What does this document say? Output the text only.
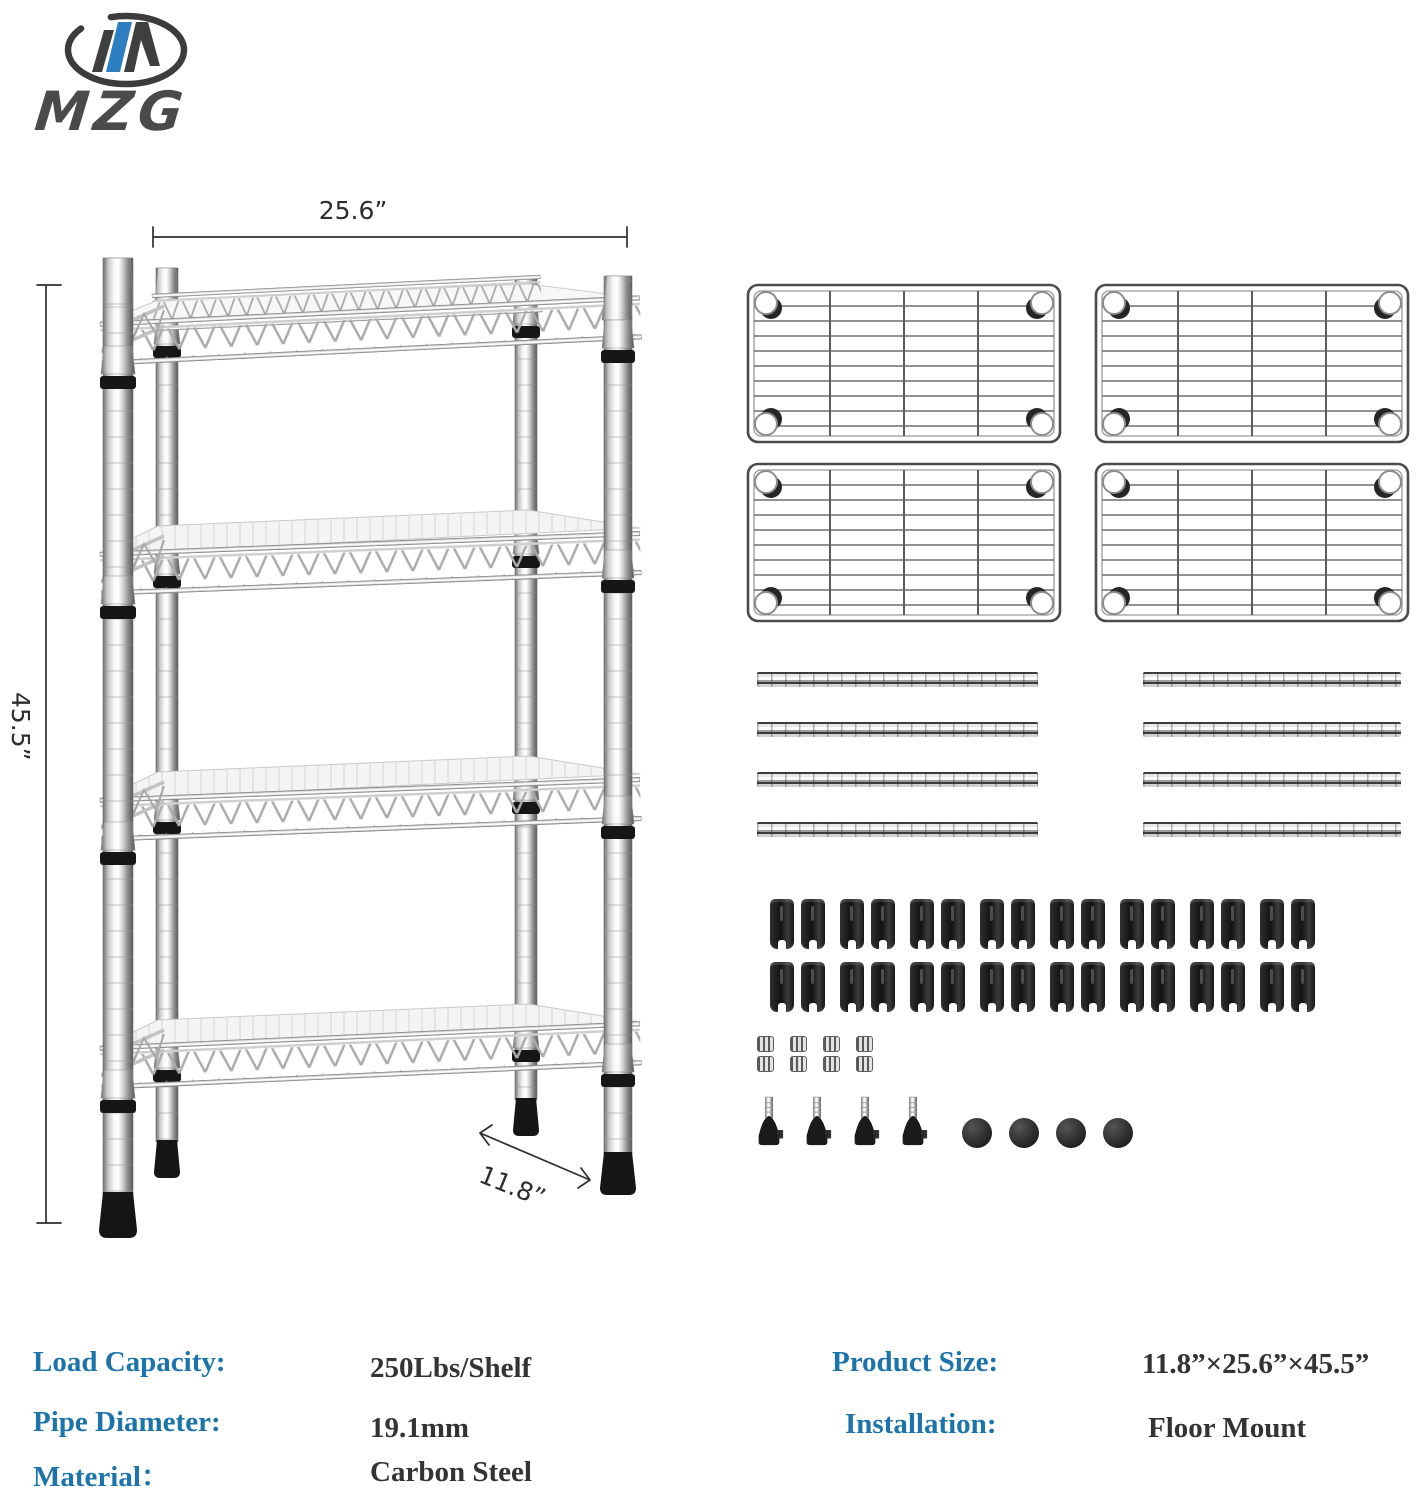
MZG
25.6”
45.5”
11.8”
Load Capacity:	250Lbs/Shelf
Pipe Diameter:	19.1mm
Material：	Carbon Steel
Product Size:	11.8”×25.6”×45.5”
Installation:	Floor Mount
